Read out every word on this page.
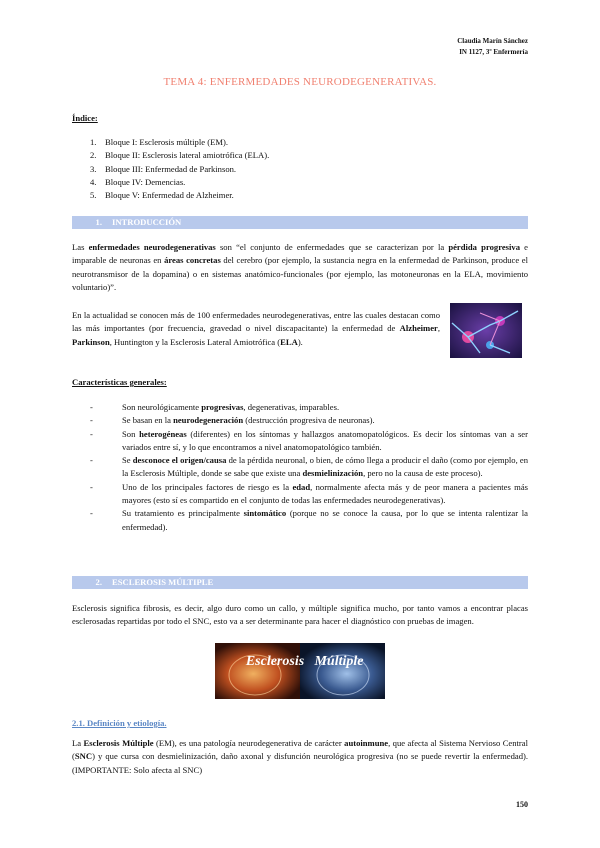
Claudia Marín Sánchez
IN 1127, 3º Enfermería
TEMA 4: ENFERMEDADES NEURODEGENERATIVAS.
Índice:
1.    Bloque I: Esclerosis múltiple (EM).
2.    Bloque II: Esclerosis lateral amiotrófica (ELA).
3.    Bloque III: Enfermedad de Parkinson.
4.    Bloque IV: Demencias.
5.    Bloque V: Enfermedad de Alzheimer.
1. INTRODUCCIÓN
Las enfermedades neurodegenerativas son “el conjunto de enfermedades que se caracterizan por la pérdida progresiva e imparable de neuronas en áreas concretas del cerebro (por ejemplo, la sustancia negra en la enfermedad de Parkinson, produce el neurotransmisor de la dopamina) o en sistemas anatómico-funcionales (por ejemplo, las motoneuronas en la ELA, movimiento voluntario)”.
En la actualidad se conocen más de 100 enfermedades neurodegenerativas, entre las cuales destacan como las más importantes (por frecuencia, gravedad o nivel discapacitante) la enfermedad de Alzheimer, Parkinson, Huntington y la Esclerosis Lateral Amiotrófica (ELA).
Características generales:
- Son neurológicamente progresivas, degenerativas, imparables.
- Se basan en la neurodegeneración (destrucción progresiva de neuronas).
- Son heterogéneas (diferentes) en los síntomas y hallazgos anatomopatológicos. Es decir los síntomas van a ser variados entre sí, y lo que encontramos a nivel anatomopatológico también.
- Se desconoce el origen/causa de la pérdida neuronal, o bien, de cómo llega a producir el daño (como por ejemplo, en la Esclerosis Múltiple, donde se sabe que existe una desmielinización, pero no la causa de este proceso).
- Uno de los principales factores de riesgo es la edad, normalmente afecta más y de peor manera a pacientes más mayores (esto sí es compartido en el conjunto de todas las enfermedades neurodegenerativas).
- Su tratamiento es principalmente sintomático (porque no se conoce la causa, por lo que se intenta ralentizar la enfermedad).
2. ESCLEROSIS MÚLTIPLE
Esclerosis significa fibrosis, es decir, algo duro como un callo, y múltiple significa mucho, por tanto vamos a encontrar placas esclerosadas repartidas por todo el SNC, esto va a ser determinante para hacer el diagnóstico con pruebas de imagen.
Esclerosis Múltiple
2.1. Definición y etiología.
La Esclerosis Múltiple (EM), es una patología neurodegenerativa de carácter autoinmune, que afecta al Sistema Nervioso Central (SNC) y que cursa con desmielinización, daño axonal y disfunción neurológica progresiva (no se puede revertir la enfermedad). (IMPORTANTE: Solo afecta al SNC)
150
